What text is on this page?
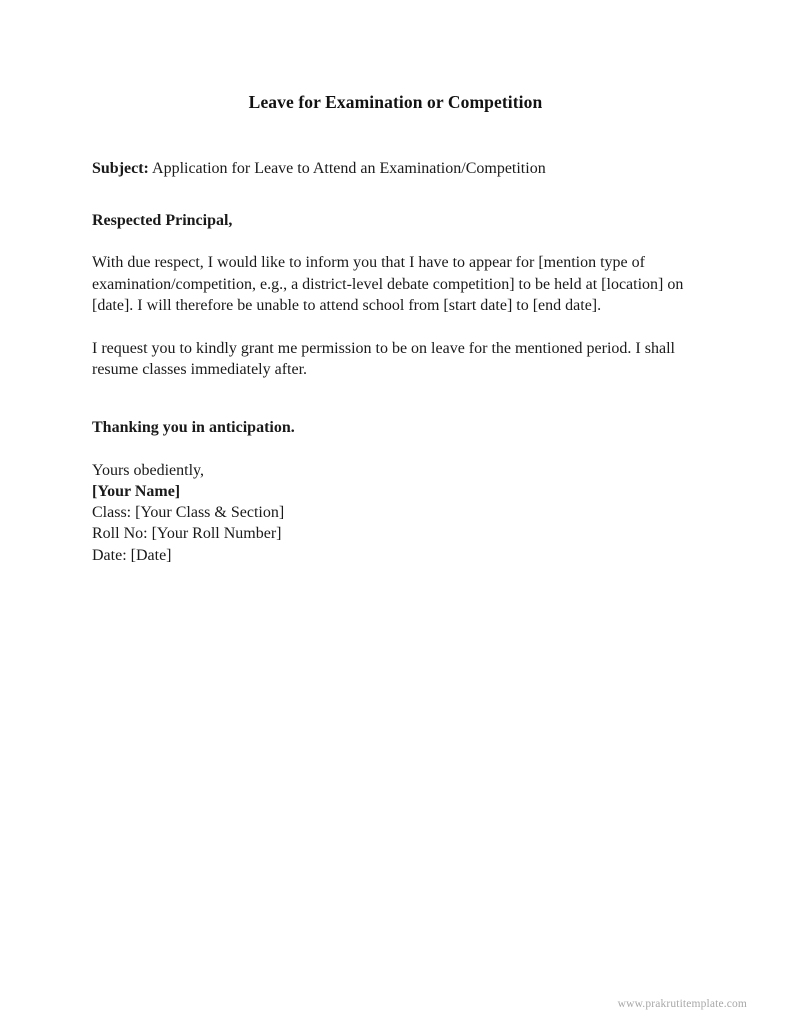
Leave for Examination or Competition
Subject: Application for Leave to Attend an Examination/Competition
Respected Principal,
With due respect, I would like to inform you that I have to appear for [mention type of examination/competition, e.g., a district-level debate competition] to be held at [location] on [date]. I will therefore be unable to attend school from [start date] to [end date].
I request you to kindly grant me permission to be on leave for the mentioned period. I shall resume classes immediately after.
Thanking you in anticipation.
Yours obediently,
[Your Name]
Class: [Your Class & Section]
Roll No: [Your Roll Number]
Date: [Date]
www.prakrutitemplate.com
